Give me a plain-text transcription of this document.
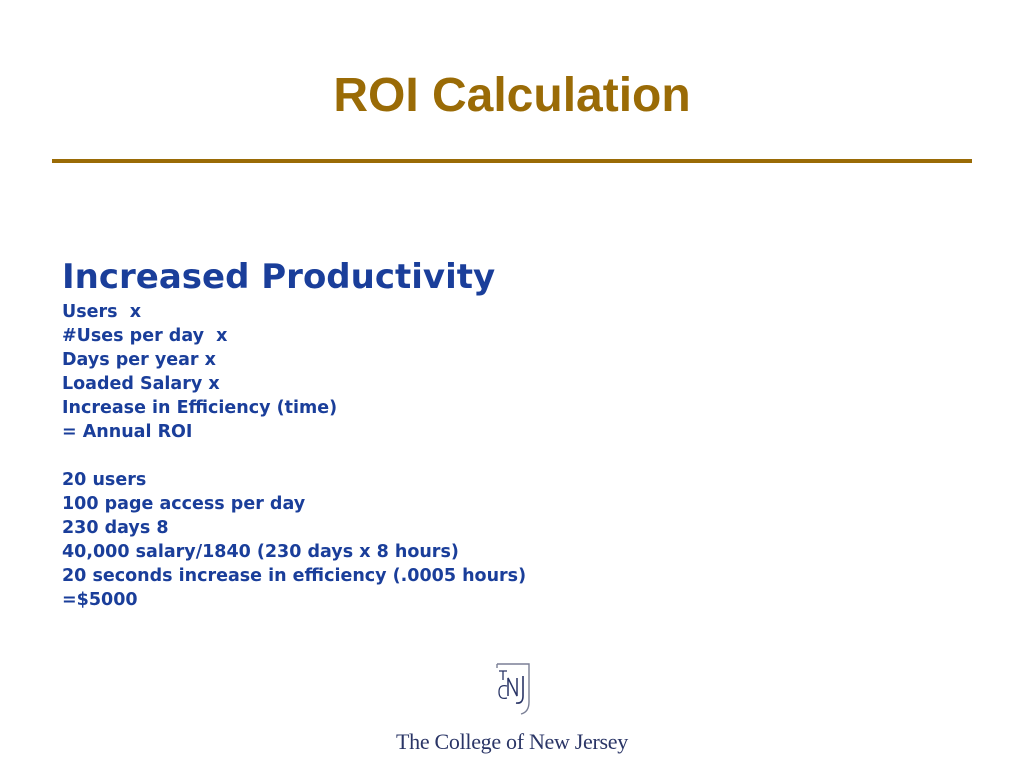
ROI Calculation
Increased Productivity
Users  x
#Uses per day  x
Days per year x
Loaded Salary x
Increase in Efficiency (time)
= Annual ROI
20 users
100 page access per day
230 days 8
40,000 salary/1840 (230 days x 8 hours)
20 seconds increase in efficiency (.0005 hours)
=$5000
The College of New Jersey
